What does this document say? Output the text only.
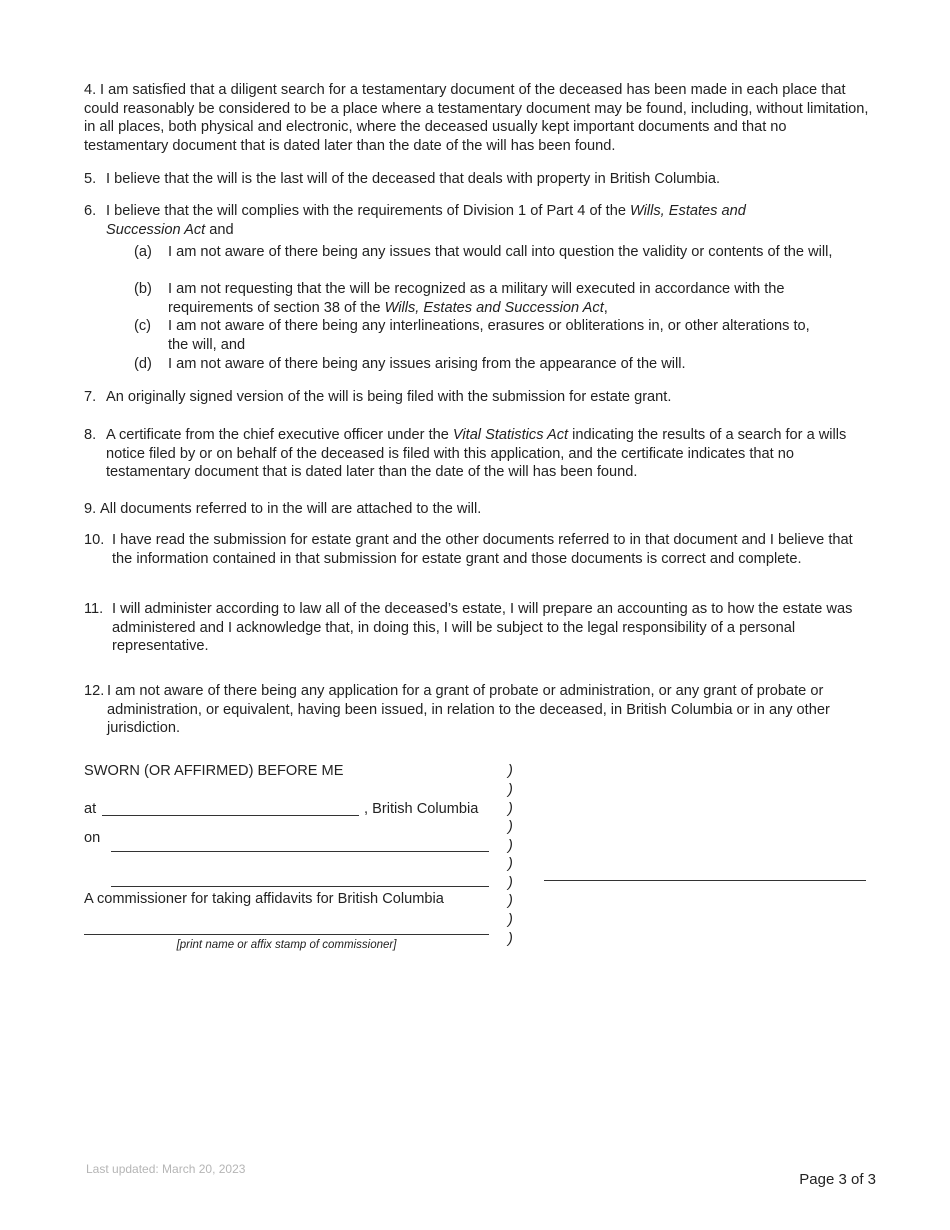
4. I am satisfied that a diligent search for a testamentary document of the deceased has been made in each place that could reasonably be considered to be a place where a testamentary document may be found, including, without limitation, in all places, both physical and electronic, where the deceased usually kept important documents and that no testamentary document that is dated later than the date of the will has been found.
5. I believe that the will is the last will of the deceased that deals with property in British Columbia.
6. I believe that the will complies with the requirements of Division 1 of Part 4 of the Wills, Estates and Succession Act and
(a) I am not aware of there being any issues that would call into question the validity or contents of the will,
(b) I am not requesting that the will be recognized as a military will executed in accordance with the requirements of section 38 of the Wills, Estates and Succession Act,
(c) I am not aware of there being any interlineations, erasures or obliterations in, or other alterations to, the will, and
(d) I am not aware of there being any issues arising from the appearance of the will.
7. An originally signed version of the will is being filed with the submission for estate grant.
8. A certificate from the chief executive officer under the Vital Statistics Act indicating the results of a search for a wills notice filed by or on behalf of the deceased is filed with this application, and the certificate indicates that no testamentary document that is dated later than the date of the will has been found.
9. All documents referred to in the will are attached to the will.
10. I have read the submission for estate grant and the other documents referred to in that document and I believe that the information contained in that submission for estate grant and those documents is correct and complete.
11. I will administer according to law all of the deceased’s estate, I will prepare an accounting as to how the estate was administered and I acknowledge that, in doing this, I will be subject to the legal responsibility of a personal representative.
12. I am not aware of there being any application for a grant of probate or administration, or any grant of probate or administration, or equivalent, having been issued, in relation to the deceased, in British Columbia or in any other jurisdiction.
SWORN (OR AFFIRMED) BEFORE ME
at	, British Columbia
on
A commissioner for taking affidavits for British Columbia
[print name or affix stamp of commissioner]
)
)
)
)
)
)
)
)
)
)
Last updated: March 20, 2023
Page 3 of 3
